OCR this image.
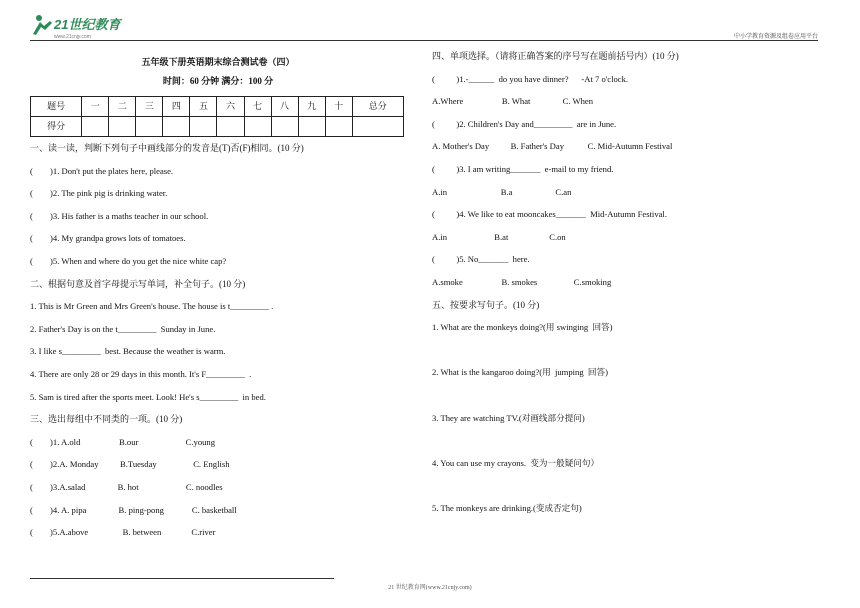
21世纪教育
www.21cnjy.com	中小学教育资源及组卷应用平台
五年级下册英语期末综合测试卷（四）
时间：60 分钟 满分：100 分
题号	一	二	三	四	五	六	七	八	九	十	总分
得分											
一、读一读，判断下列句子中画线部分的发音是(T)否(F)相同。(10 分)
(        )1. Don't put the plates here, please.
(        )2. The pink pig is drinking water.
(        )3. His father is a maths teacher in our school.
(        )4. My grandpa grows lots of tomatoes.
(        )5. When and where do you get the nice white cap?
二、根据句意及首字母提示写单词，补全句子。(10 分)
1. This is Mr Green and Mrs Green's house. The house is t_________ .
2. Father's Day is on the t_________  Sunday in June.
3. I like s_________  best. Because the weather is warm.
4. There are only 28 or 29 days in this month. It's F_________  .
5. Sam is tired after the sports meet. Look! He's s_________  in bed.
三、选出每组中不同类的一项。(10 分)
(        )1. A.old                  B.our                      C.young
(        )2.A. Monday          B.Tuesday                 C. English
(        )3.A.salad               B. hot                      C. noodles
(        )4. A. pipa               B. ping-pong             C. basketball
(        )5.A.above                B. between              C.river
四、单项选择。（请将正确答案的序号写在题前括号内）(10 分)
(          )1.-______  do you have dinner?      -At 7 o'clock.
A.Where                  B. What               C. When
(          )2. Children's Day and_________  are in June.
A. Mother's Day          B. Father's Day           C. Mid-Autumn Festival
(          )3. I am writing_______  e-mail to my friend.
A.in                         B.a                    C.an
(          )4. We like to eat mooncakes_______  Mid-Autumn Festival.
A.in                      B.at                   C.on
(          )5. No_______  here.
A.smoke                  B. smokes                 C.smoking
五、按要求写句子。(10 分)
1. What are the monkeys doing?(用 swinging  回答)
2. What is the kangaroo doing?(用  jumping  回答)
3. They are watching TV.(对画线部分提问)
4. You can use my crayons.  变为一般疑问句）
5. The monkeys are drinking.(变成否定句)
21 世纪教育网(www.21cnjy.com)
